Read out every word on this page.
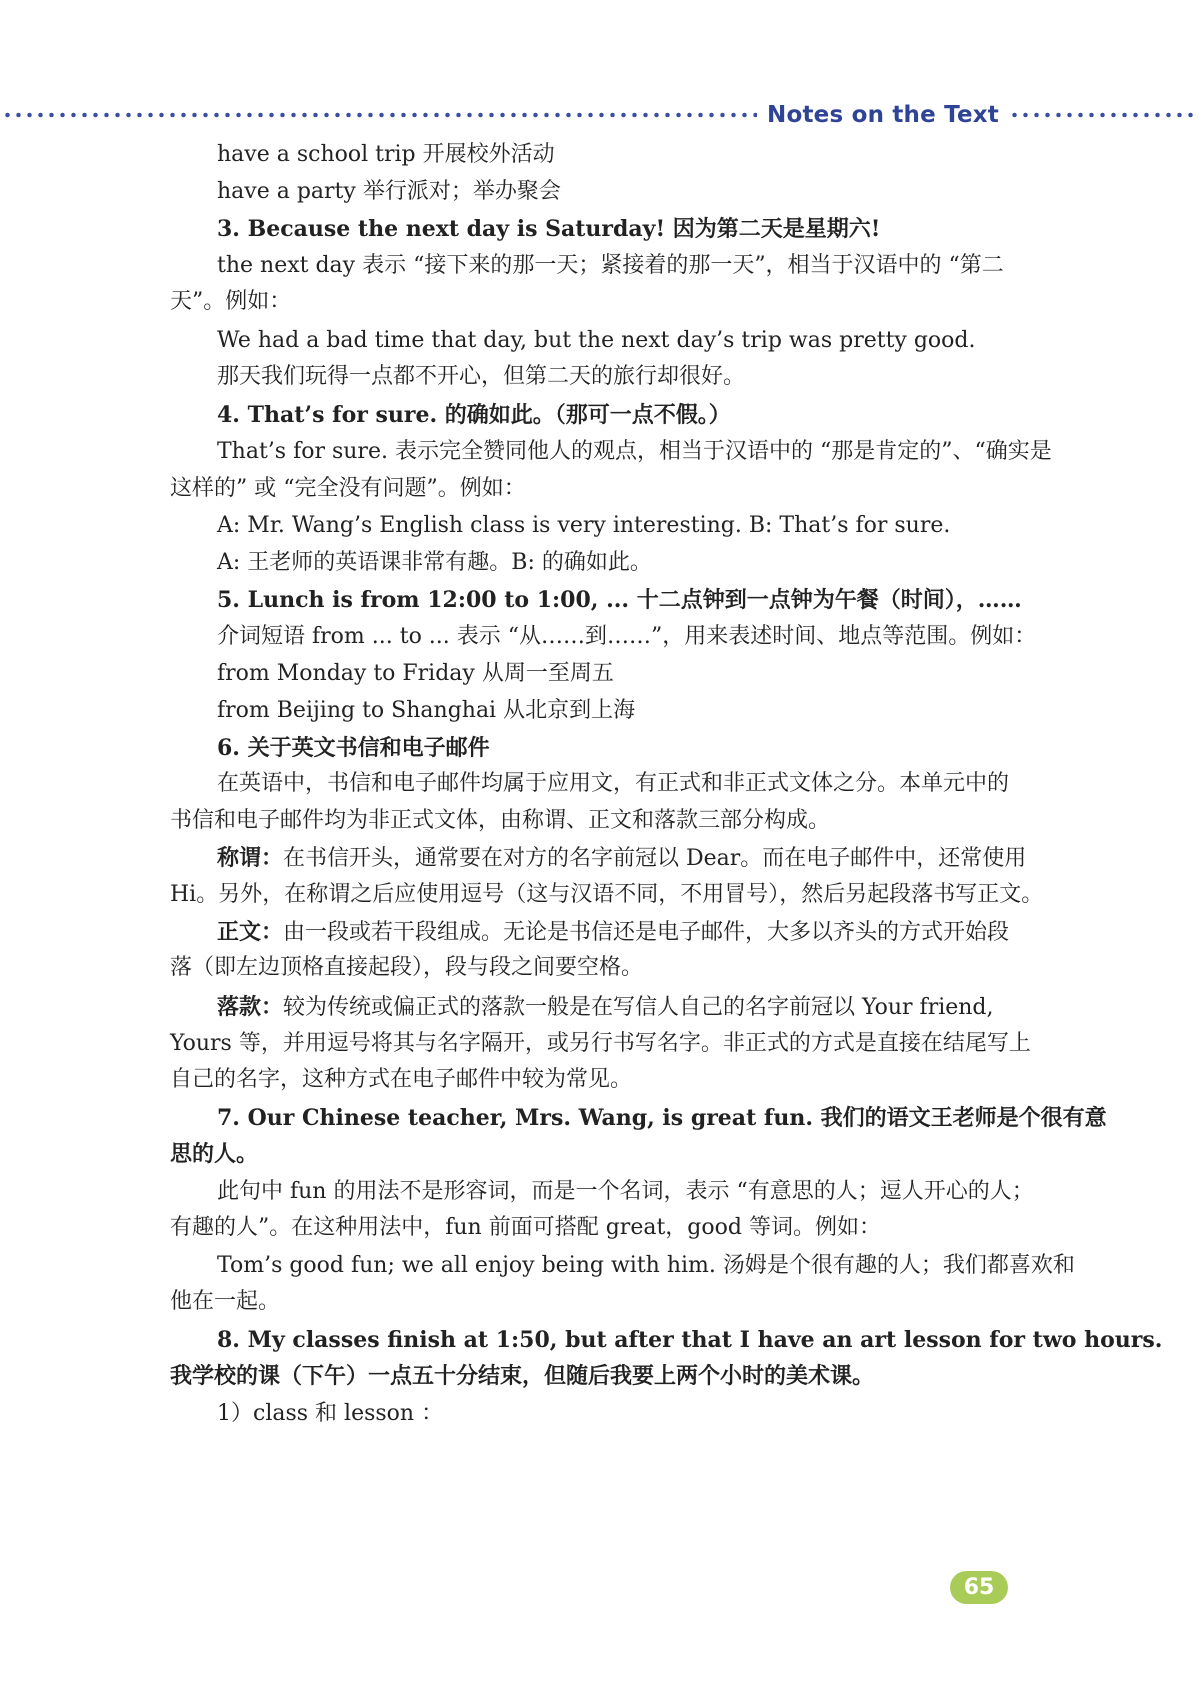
Notes on the Text
have a school trip 开展校外活动
have a party 举行派对；举办聚会
3. Because the next day is Saturday! 因为第二天是星期六!
the next day 表示 “接下来的那一天；紧接着的那一天”，相当于汉语中的 “第二
天”。例如：
We had a bad time that day, but the next day’s trip was pretty good.
那天我们玩得一点都不开心，但第二天的旅行却很好。
4. That’s for sure. 的确如此。（那可一点不假。）
That’s for sure. 表示完全赞同他人的观点，相当于汉语中的 “那是肯定的”、“确实是
这样的” 或 “完全没有问题”。例如：
A: Mr. Wang’s English class is very interesting. B: That’s for sure.
A: 王老师的英语课非常有趣。B: 的确如此。
5. Lunch is from 12:00 to 1:00, ... 十二点钟到一点钟为午餐（时间），……
介词短语 from ... to ... 表示 “从……到……”，用来表述时间、地点等范围。例如：
from Monday to Friday 从周一至周五
from Beijing to Shanghai 从北京到上海
6. 关于英文书信和电子邮件
在英语中，书信和电子邮件均属于应用文，有正式和非正式文体之分。本单元中的
书信和电子邮件均为非正式文体，由称谓、正文和落款三部分构成。
称谓：在书信开头，通常要在对方的名字前冠以 Dear。而在电子邮件中，还常使用
Hi。另外，在称谓之后应使用逗号（这与汉语不同，不用冒号），然后另起段落书写正文。
正文：由一段或若干段组成。无论是书信还是电子邮件，大多以齐头的方式开始段
落（即左边顶格直接起段），段与段之间要空格。
落款：较为传统或偏正式的落款一般是在写信人自己的名字前冠以 Your friend,
Yours 等，并用逗号将其与名字隔开，或另行书写名字。非正式的方式是直接在结尾写上
自己的名字，这种方式在电子邮件中较为常见。
7. Our Chinese teacher, Mrs. Wang, is great fun. 我们的语文王老师是个很有意
思的人。
此句中 fun 的用法不是形容词，而是一个名词，表示 “有意思的人；逗人开心的人；
有趣的人”。在这种用法中，fun 前面可搭配 great，good 等词。例如：
Tom’s good fun; we all enjoy being with him. 汤姆是个很有趣的人；我们都喜欢和
他在一起。
8. My classes finish at 1:50, but after that I have an art lesson for two hours.
我学校的课（下午）一点五十分结束，但随后我要上两个小时的美术课。
1）class 和 lesson ：
65
